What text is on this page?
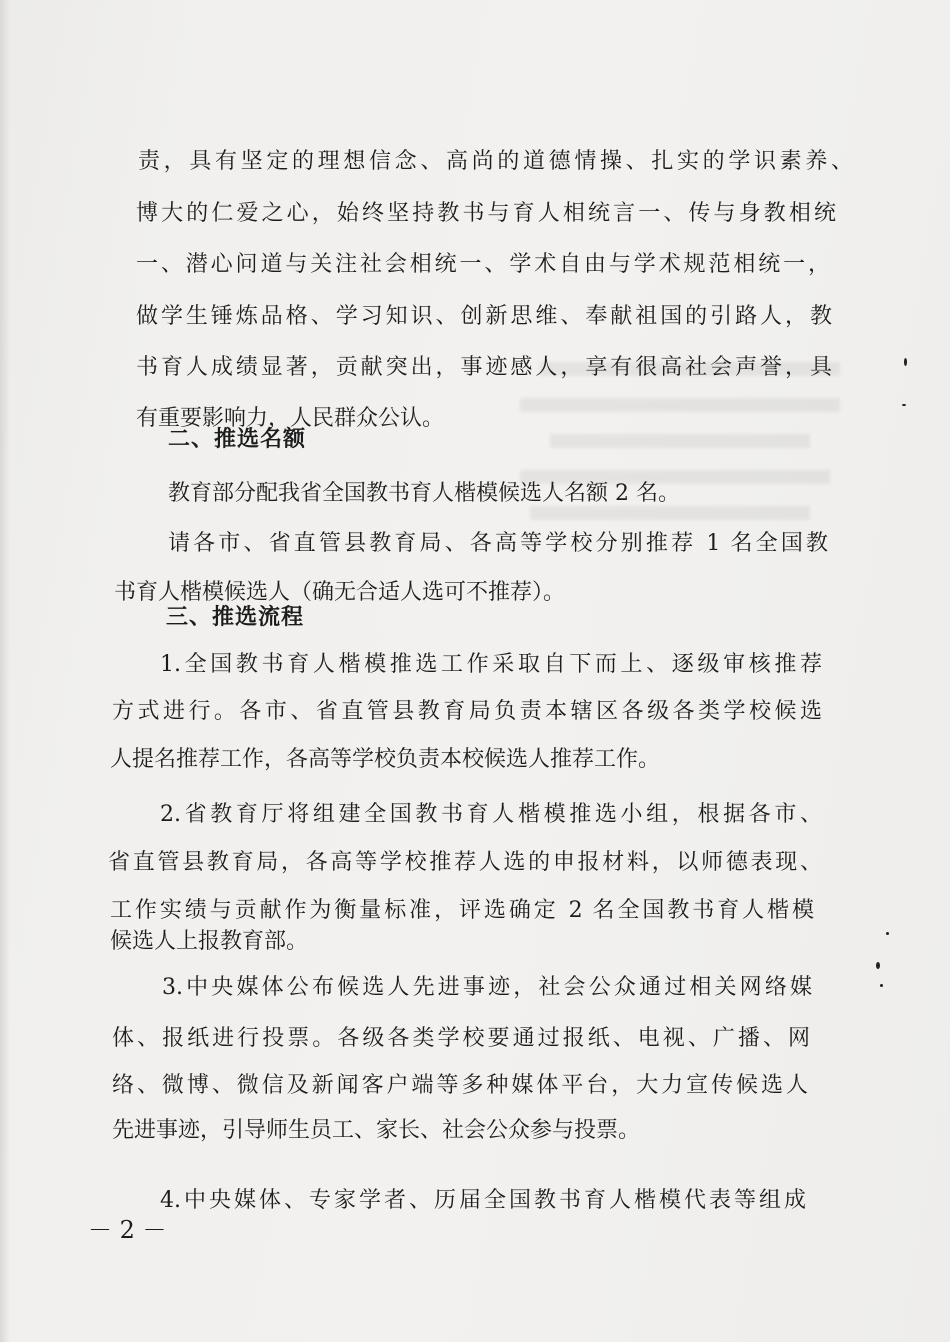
责，具有坚定的理想信念、高尚的道德情操、扎实的学识素养、
博大的仁爱之心，始终坚持教书与育人相统言一、传与身教相统
一、潜心问道与关注社会相统一、学术自由与学术规范相统一，
做学生锤炼品格、学习知识、创新思维、奉献祖国的引路人，教
书育人成绩显著，贡献突出，事迹感人，享有很高社会声誉，具
有重要影响力，人民群众公认。
二、推选名额
教育部分配我省全国教书育人楷模候选人名额 2 名。
请各市、省直管县教育局、各高等学校分别推荐 1 名全国教
书育人楷模候选人（确无合适人选可不推荐）。
三、推选流程
1.全国教书育人楷模推选工作采取自下而上、逐级审核推荐
方式进行。各市、省直管县教育局负责本辖区各级各类学校候选
人提名推荐工作，各高等学校负责本校候选人推荐工作。
2.省教育厅将组建全国教书育人楷模推选小组，根据各市、
省直管县教育局，各高等学校推荐人选的申报材料，以师德表现、
工作实绩与贡献作为衡量标准，评选确定 2 名全国教书育人楷模
候选人上报教育部。
3.中央媒体公布候选人先进事迹，社会公众通过相关网络媒
体、报纸进行投票。各级各类学校要通过报纸、电视、广播、网
络、微博、微信及新闻客户端等多种媒体平台，大力宣传候选人
先进事迹，引导师生员工、家长、社会公众参与投票。
4.中央媒体、专家学者、历届全国教书育人楷模代表等组成
－ 2 －
